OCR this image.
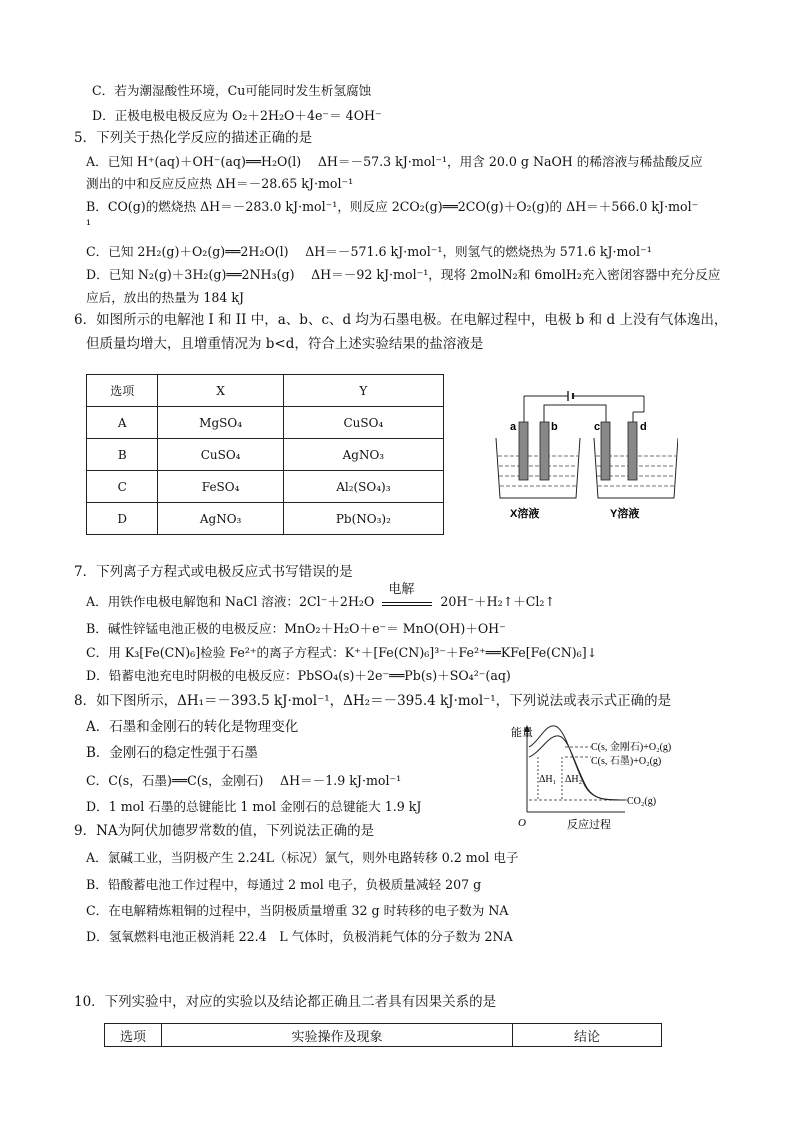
C．若为潮湿酸性环境，Cu可能同时发生析氢腐蚀
D．正极电极电极反应为 O₂＋2H₂O＋4e⁻＝ 4OH⁻
5．下列关于热化学反应的描述正确的是
A．已知 H⁺(aq)＋OH⁻(aq)══H₂O(l)　 ΔH＝－57.3 kJ·mol⁻¹，用含 20.0 g NaOH 的稀溶液与稀盐酸反应
测出的中和反应反应热 ΔH＝－28.65 kJ·mol⁻¹
B．CO(g)的燃烧热 ΔH＝－283.0 kJ·mol⁻¹，则反应 2CO₂(g)══2CO(g)＋O₂(g)的 ΔH＝＋566.0 kJ·mol⁻
¹
C．已知 2H₂(g)＋O₂(g)══2H₂O(l)　 ΔH＝－571.6 kJ·mol⁻¹，则氢气的燃烧热为 571.6 kJ·mol⁻¹
D．已知 N₂(g)＋3H₂(g)══2NH₃(g)　 ΔH＝－92 kJ·mol⁻¹，现将 2molN₂和 6molH₂充入密闭容器中充分反应
应后，放出的热量为 184 kJ
6．如图所示的电解池 I 和 II 中，a、b、c、d 均为石墨电极。在电解过程中，电极 b 和 d 上没有气体逸出，
但质量均增大，且增重情况为 b<d，符合上述实验结果的盐溶液是
选项	X	Y
A	MgSO₄	CuSO₄
B	CuSO₄	AgNO₃
C	FeSO₄	Al₂(SO₄)₃
D	AgNO₃	Pb(NO₃)₂
a	b	c	d
X溶液	Y溶液
7．下列离子方程式或电极反应式书写错误的是
A．用铁作电极电解饱和 NaCl 溶液：2Cl⁻＋2H₂O
电解
20H⁻＋H₂↑＋Cl₂↑
B．碱性锌锰电池正极的电极反应：MnO₂＋H₂O＋e⁻＝ MnO(OH)＋OH⁻
C．用 K₃[Fe(CN)₆]检验 Fe²⁺的离子方程式：K⁺＋[Fe(CN)₆]³⁻＋Fe²⁺══KFe[Fe(CN)₆]↓
D．铅蓄电池充电时阴极的电极反应：PbSO₄(s)＋2e⁻══Pb(s)＋SO₄²⁻(aq)
8．如下图所示，ΔH₁＝－393.5 kJ·mol⁻¹，ΔH₂＝－395.4 kJ·mol⁻¹，下列说法或表示式正确的是
A．石墨和金刚石的转化是物理变化
B．金刚石的稳定性强于石墨
C．C(s，石墨)══C(s，金刚石)　 ΔH＝－1.9 kJ·mol⁻¹
D．1 mol 石墨的总键能比 1 mol 金刚石的总键能大 1.9 kJ
能量
O	反应过程
ΔH₁ ΔH₂
C(s, 金刚石)+O₂(g)
C(s, 石墨)+O₂(g)
CO₂(g)
9．NA为阿伏加德罗常数的值，下列说法正确的是
A．氯碱工业，当阴极产生 2.24L（标况）氯气，则外电路转移 0.2 mol 电子
B．铅酸蓄电池工作过程中，每通过 2 mol 电子，负极质量减轻 207 g
C．在电解精炼粗铜的过程中，当阴极质量增重 32 g 时转移的电子数为 NA
D．氢氧燃料电池正极消耗 22.4　L 气体时，负极消耗气体的分子数为 2NA
10．下列实验中，对应的实验以及结论都正确且二者具有因果关系的是
选项	实验操作及现象	结论
